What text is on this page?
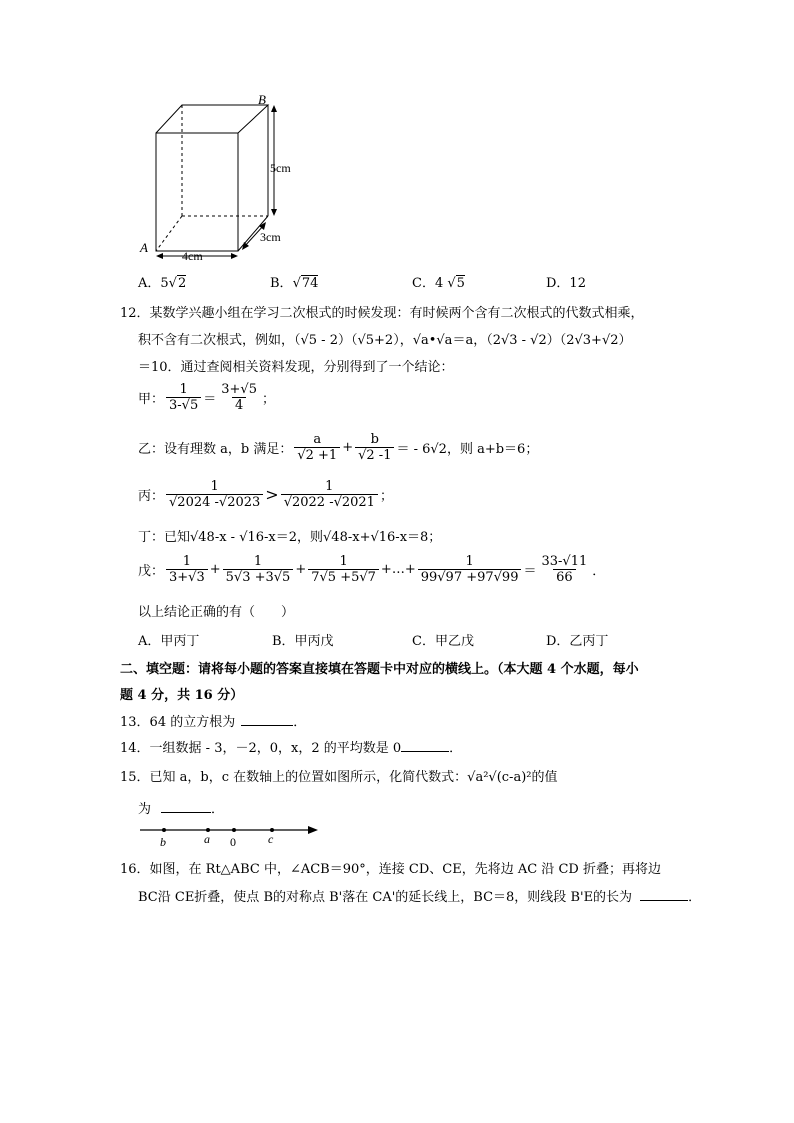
B
A
5cm
3cm
4cm
A．5√2	B．√74	C．4 √5	D．12
12．某数学兴趣小组在学习二次根式的时候发现：有时候两个含有二次根式的代数式相乘，
积不含有二次根式，例如，（√5 - 2）（√5+2），√a•√a＝a，（2√3 - √2）（2√3+√2）
＝10．通过查阅相关资料发现，分别得到了一个结论：
甲： $\frac{1}{3-√5} = \frac{3+√5}{4}$ ；
乙：设有理数 a，b 满足： $\frac{a}{√2 +1} + \frac{b}{√2 -1}$ ＝ - 6√2，则 a+b＝6；
丙： $\frac{1}{√2024 -√2023} > \frac{1}{√2022 -√2021}$ ；
丁：已知√48-x - √16-x＝2，则√48-x+√16-x＝8；
戊： $\frac{1}{3+√3} + \frac{1}{5√3 +3√5} + \frac{1}{7√5 +5√7}$ +…+ $\frac{1}{99√97 +97√99} = \frac{33-√11}{66}$ ．
以上结论正确的有（　　）
A．甲丙丁	B．甲丙戊	C．甲乙戊	D．乙丙丁
二、填空题：请将每小题的答案直接填在答题卡中对应的横线上。（本大题 4 个水题，每小
题 4 分，共 16 分）
13．64 的立方根为	．
14．一组数据 - 3，－2，0，x，2 的平均数是 0	．
15．已知 a，b，c 在数轴上的位置如图所示，化简代数式：√a²√(c-a)²的值
为	．
b	a 0	c
16．如图，在 Rt△ABC 中，∠ACB＝90°，连接 CD、CE，先将边 AC 沿 CD 折叠；再将边
BC沿 CE折叠，使点 B的对称点 B'落在 CA'的延长线上，BC＝8，则线段 B'E的长为	．
